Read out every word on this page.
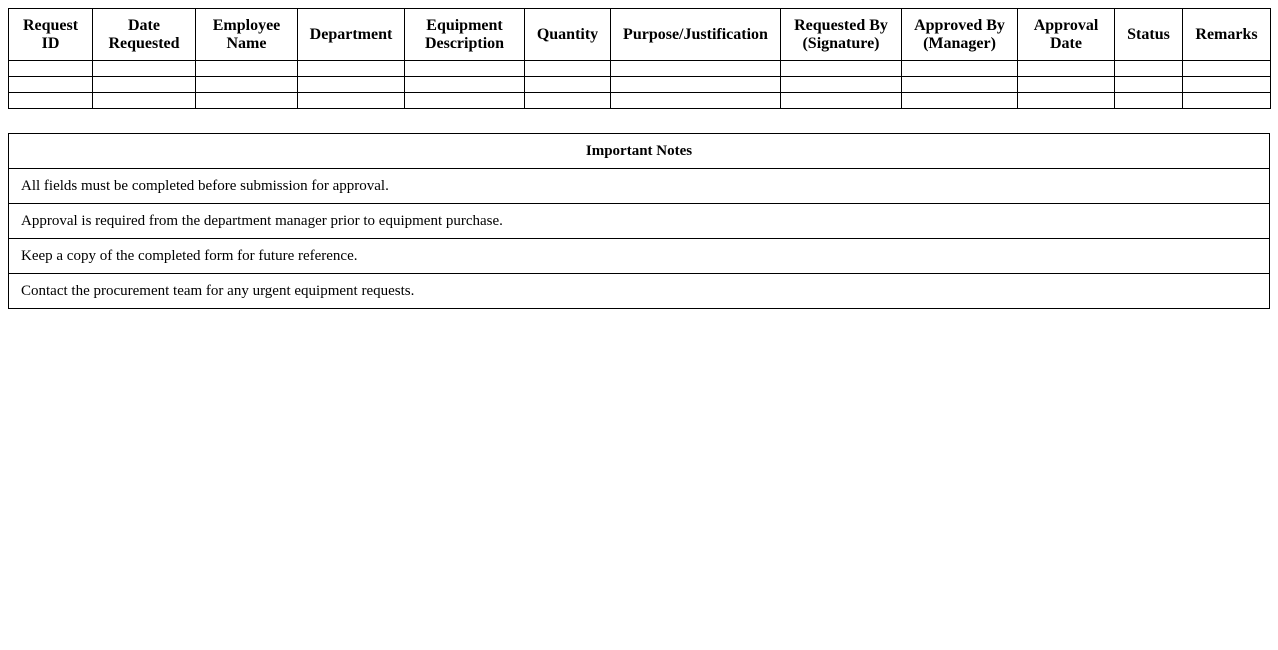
Request ID	Date Requested	Employee Name	Department	Equipment Description	Quantity	Purpose/Justification	Requested By (Signature)	Approved By (Manager)	Approval Date	Status	Remarks

Important Notes
All fields must be completed before submission for approval.
Approval is required from the department manager prior to equipment purchase.
Keep a copy of the completed form for future reference.
Contact the procurement team for any urgent equipment requests.
